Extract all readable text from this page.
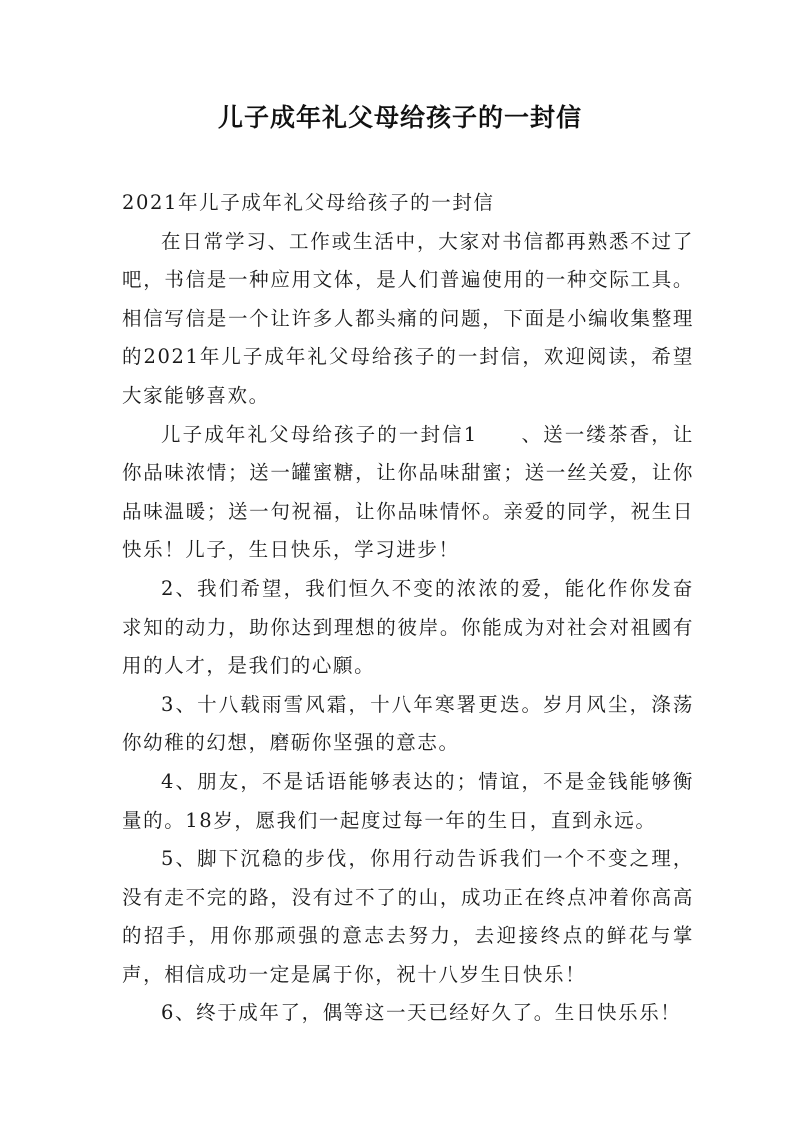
儿子成年礼父母给孩子的一封信

2021年儿子成年礼父母给孩子的一封信

在日常学习、工作或生活中，大家对书信都再熟悉不过了吧，书信是一种应用文体，是人们普遍使用的一种交际工具。相信写信是一个让许多人都头痛的问题，下面是小编收集整理的2021年儿子成年礼父母给孩子的一封信，欢迎阅读，希望大家能够喜欢。

儿子成年礼父母给孩子的一封信1　　、送一缕茶香，让你品味浓情；送一罐蜜糖，让你品味甜蜜；送一丝关爱，让你品味温暖；送一句祝福，让你品味情怀。亲爱的同学，祝生日快乐！儿子，生日快乐，学习进步！

2、我们希望，我们恒久不变的浓浓的爱，能化作你发奋求知的动力，助你达到理想的彼岸。你能成为对社会对祖國有用的人才，是我们的心願。

3、十八载雨雪风霜，十八年寒署更迭。岁月风尘，涤荡你幼稚的幻想，磨砺你坚强的意志。

4、朋友，不是话语能够表达的；情谊，不是金钱能够衡量的。18岁，愿我们一起度过每一年的生日，直到永远。

5、脚下沉稳的步伐，你用行动告诉我们一个不变之理，没有走不完的路，没有过不了的山，成功正在终点冲着你高高的招手，用你那顽强的意志去努力，去迎接终点的鲜花与掌声，相信成功一定是属于你，祝十八岁生日快乐！

6、终于成年了，偶等这一天已经好久了。生日快乐乐！
